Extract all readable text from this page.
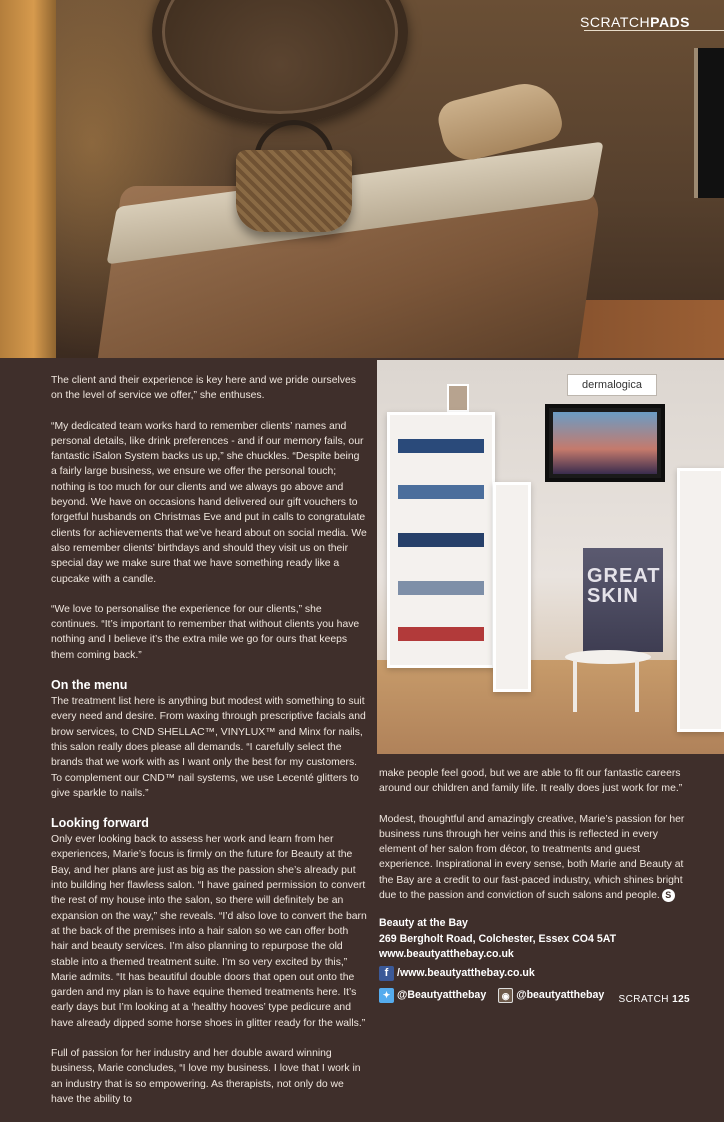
SCRATCHPADS
dermalogica
GREAT SKIN

The client and their experience is key here and we pride ourselves on the level of service we offer,” she enthuses.

“My dedicated team works hard to remember clients’ names and personal details, like drink preferences - and if our memory fails, our fantastic iSalon System backs us up,” she chuckles. “Despite being a fairly large business, we ensure we offer the personal touch; nothing is too much for our clients and we always go above and beyond. We have on occasions hand delivered our gift vouchers to forgetful husbands on Christmas Eve and put in calls to congratulate clients for achievements that we’ve heard about on social media. We also remember clients’ birthdays and should they visit us on their special day we make sure that we have something ready like a cupcake with a candle.

“We love to personalise the experience for our clients,” she continues. “It’s important to remember that without clients you have nothing and I believe it’s the extra mile we go for ours that keeps them coming back.”

On the menu

The treatment list here is anything but modest with something to suit every need and desire. From waxing through prescriptive facials and brow services, to CND SHELLAC™, VINYLUX™ and Minx for nails, this salon really does please all demands. “I carefully select the brands that we work with as I want only the best for my customers. To complement our CND™ nail systems, we use Lecenté glitters to give sparkle to nails.”

Looking forward

Only ever looking back to assess her work and learn from her experiences, Marie’s focus is firmly on the future for Beauty at the Bay, and her plans are just as big as the passion she’s already put into building her flawless salon. “I have gained permission to convert the rest of my house into the salon, so there will definitely be an expansion on the way,” she reveals. “I’d also love to convert the barn at the back of the premises into a hair salon so we can offer both hair and beauty services. I’m also planning to repurpose the old stable into a themed treatment suite. I’m so very excited by this,” Marie admits. “It has beautiful double doors that open out onto the garden and my plan is to have equine themed treatments here. It’s early days but I’m looking at a ‘healthy hooves’ type pedicure and have already dipped some horse shoes in glitter ready for the walls.”

Full of passion for her industry and her double award winning business, Marie concludes, “I love my business. I love that I work in an industry that is so empowering. As therapists, not only do we have the ability to

make people feel good, but we are able to fit our fantastic careers around our children and family life. It really does just work for me.”

Modest, thoughtful and amazingly creative, Marie’s passion for her business runs through her veins and this is reflected in every element of her salon from décor, to treatments and guest experience. Inspirational in every sense, both Marie and Beauty at the Bay are a credit to our fast-paced industry, which shines bright due to the passion and conviction of such salons and people. S

Beauty at the Bay
269 Bergholt Road, Colchester, Essex CO4 5AT
www.beautyatthebay.co.uk
f /www.beautyatthebay.co.uk
✦ @Beautyatthebay	◉ @beautyatthebay SCRATCH 125
